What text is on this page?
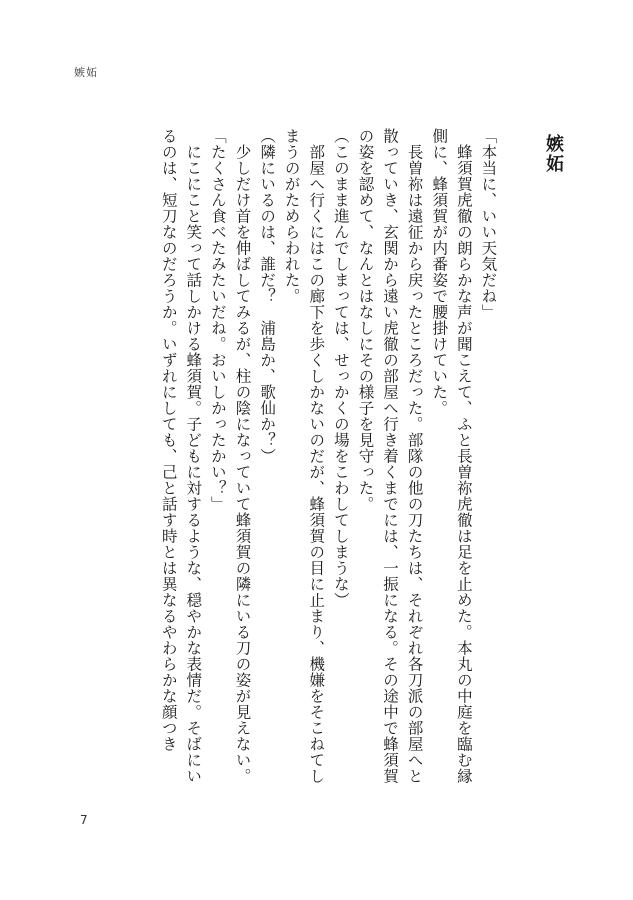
嫉妬
嫉妬
「本当に、いい天気だね」
蜂須賀虎徹の朗らかな声が聞こえて、ふと長曽祢虎徹は足を止めた。本丸の中庭を臨む縁側に、蜂須賀が内番姿で腰掛けていた。
長曽祢は遠征から戻ったところだった。部隊の他の刀たちは、それぞれ各刀派の部屋へと散っていき、玄関から遠い虎徹の部屋へ行き着くまでには、一振になる。その途中で蜂須賀の姿を認めて、なんとはなしにその様子を見守った。
（このまま進んでしまっては、せっかくの場をこわしてしまうな）
部屋へ行くにはこの廊下を歩くしかないのだが、蜂須賀の目に止まり、機嫌をそこねてしまうのがためらわれた。
（隣にいるのは、誰だ？　浦島か、歌仙か？）
少しだけ首を伸ばしてみるが、柱の陰になっていて蜂須賀の隣にいる刀の姿が見えない。
「たくさん食べたみたいだね。おいしかったかい？」
にこにこと笑って話しかける蜂須賀。子どもに対するような、穏やかな表情だ。そばにいるのは、短刀なのだろうか。いずれにしても、己と話す時とは異なるやわらかな顔つき
7
